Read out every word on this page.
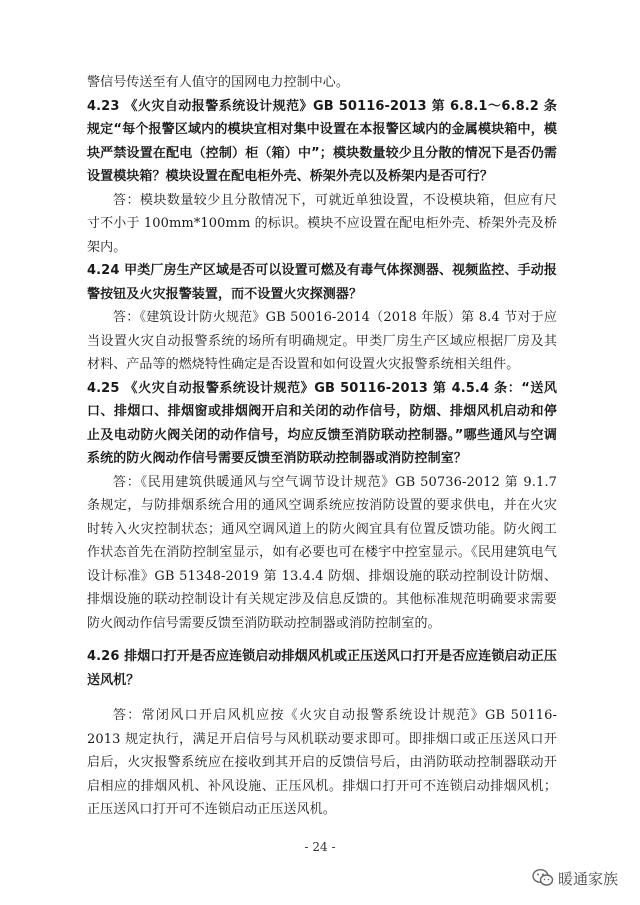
警信号传送至有人值守的国网电力控制中心。

4.23 《火灾自动报警系统设计规范》GB 50116-2013 第 6.8.1～6.8.2 条规定“每个报警区域内的模块宜相对集中设置在本报警区域内的金属模块箱中，模块严禁设置在配电（控制）柜（箱）中”；模块数量较少且分散的情况下是否仍需设置模块箱？模块设置在配电柜外壳、桥架外壳以及桥架内是否可行？

答：模块数量较少且分散情况下，可就近单独设置，不设模块箱，但应有尺寸不小于 100mm*100mm 的标识。模块不应设置在配电柜外壳、桥架外壳及桥架内。

4.24 甲类厂房生产区域是否可以设置可燃及有毒气体探测器、视频监控、手动报警按钮及火灾报警装置，而不设置火灾探测器？

答：《建筑设计防火规范》GB 50016-2014（2018 年版）第 8.4 节对于应当设置火灾自动报警系统的场所有明确规定。甲类厂房生产区域应根据厂房及其材料、产品等的燃烧特性确定是否设置和如何设置火灾报警系统相关组件。

4.25 《火灾自动报警系统设计规范》GB 50116-2013 第 4.5.4 条：“送风口、排烟口、排烟窗或排烟阀开启和关闭的动作信号，防烟、排烟风机启动和停止及电动防火阀关闭的动作信号，均应反馈至消防联动控制器。”哪些通风与空调系统的防火阀动作信号需要反馈至消防联动控制器或消防控制室？

答：《民用建筑供暖通风与空气调节设计规范》GB 50736-2012 第 9.1.7 条规定，与防排烟系统合用的通风空调系统应按消防设置的要求供电，并在火灾时转入火灾控制状态；通风空调风道上的防火阀宜具有位置反馈功能。防火阀工作状态首先在消防控制室显示，如有必要也可在楼宇中控室显示。《民用建筑电气设计标准》GB 51348-2019 第 13.4.4 防烟、排烟设施的联动控制设计防烟、排烟设施的联动控制设计有关规定涉及信息反馈的。其他标准规范明确要求需要防火阀动作信号需要反馈至消防联动控制器或消防控制室的。

4.26 排烟口打开是否应连锁启动排烟风机或正压送风口打开是否应连锁启动正压送风机？

答：常闭风口开启风机应按《火灾自动报警系统设计规范》GB 50116-2013 规定执行，满足开启信号与风机联动要求即可。即排烟口或正压送风口开启后，火灾报警系统应在接收到其开启的反馈信号后，由消防联动控制器联动开启相应的排烟风机、补风设施、正压风机。排烟口打开可不连锁启动排烟风机；正压送风口打开可不连锁启动正压送风机。

- 24 -
暖通家族
